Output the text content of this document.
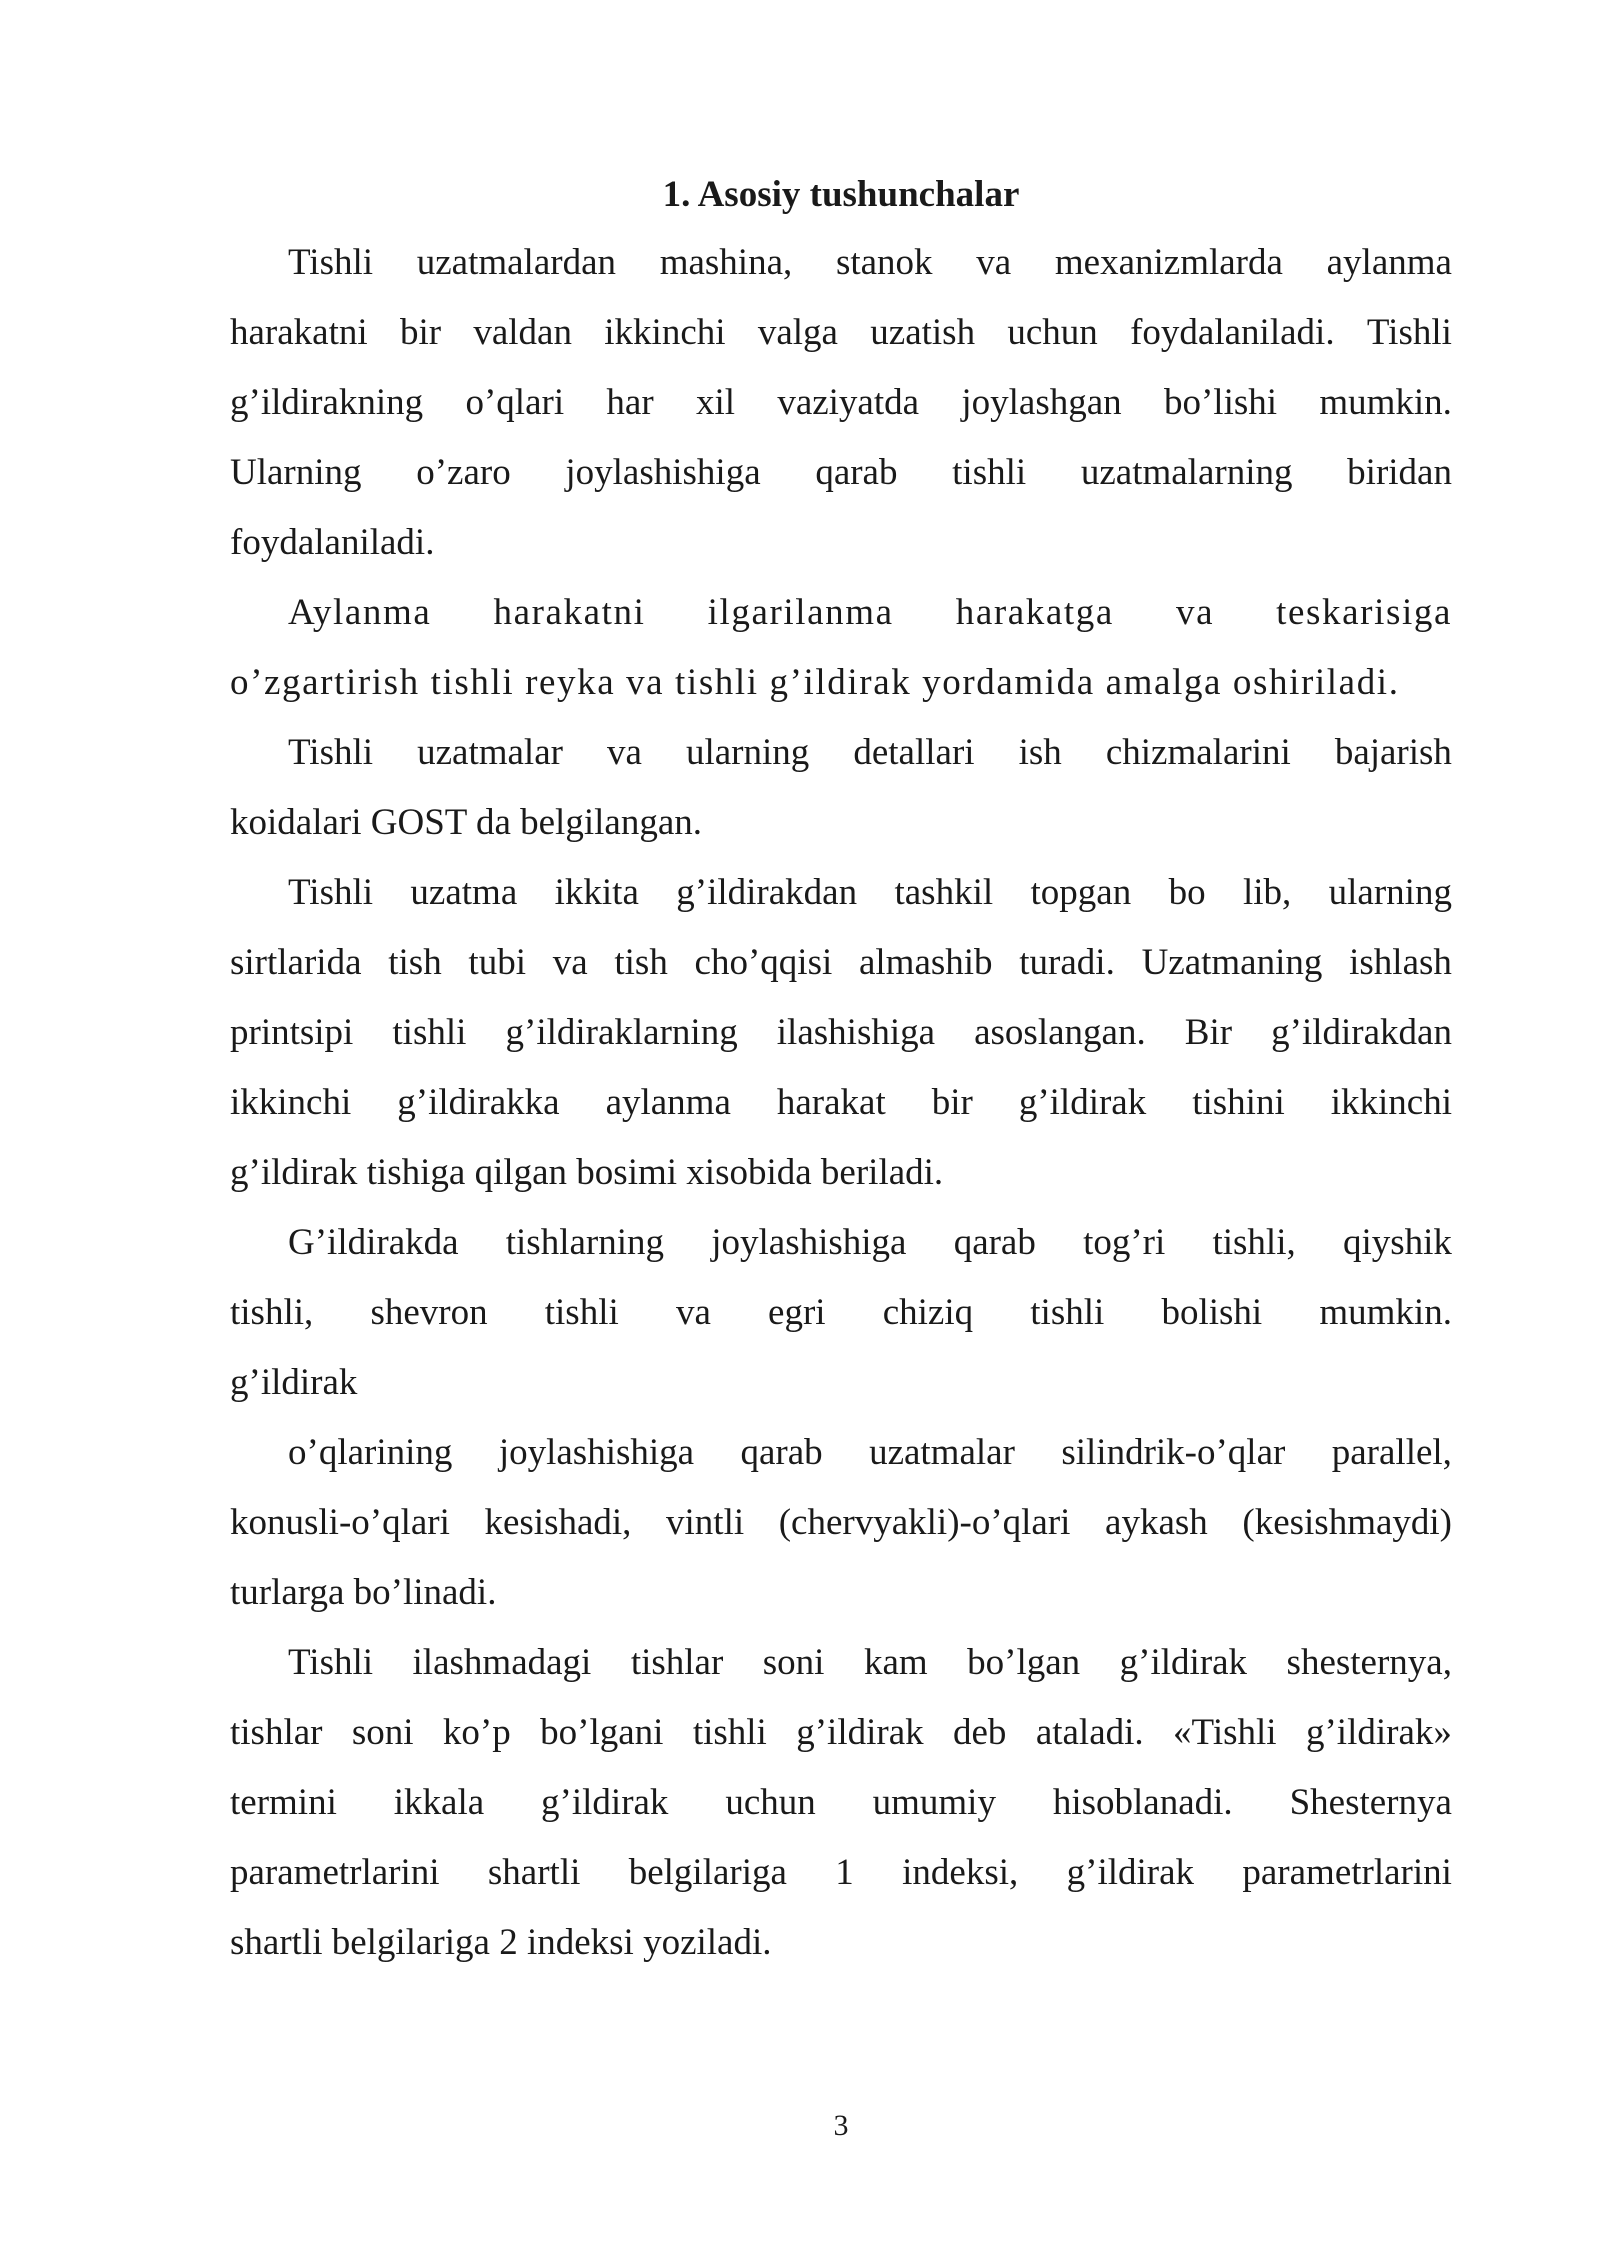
1. Asosiy tushunchalar
Tishli uzatmalardan mashina, stanok va mexanizmlarda aylanma
harakatni bir valdan ikkinchi valga uzatish uchun foydalaniladi. Tishli
g’ildirakning o’qlari har xil vaziyatda joylashgan bo’lishi mumkin.
Ularning o’zaro joylashishiga qarab tishli uzatmalarning biridan
foydalaniladi.
Aylanma harakatni ilgarilanma harakatga va teskarisiga
o’zgartirish tishli reyka va tishli g’ildirak yordamida amalga oshiriladi.
Tishli uzatmalar va ularning detallari ish chizmalarini bajarish
koidalari GOST da belgilangan.
Tishli uzatma ikkita g’ildirakdan tashkil topgan bo lib, ularning
sirtlarida tish tubi va tish cho’qqisi almashib turadi. Uzatmaning ishlash
printsipi tishli g’ildiraklarning ilashishiga asoslangan. Bir g’ildirakdan
ikkinchi g’ildirakka aylanma harakat bir g’ildirak tishini ikkinchi
g’ildirak tishiga qilgan bosimi xisobida beriladi.
G’ildirakda tishlarning joylashishiga qarab tog’ri tishli, qiyshik
tishli, shevron tishli va egri chiziq tishli bolishi mumkin.
g’ildirak
o’qlarining joylashishiga qarab uzatmalar silindrik-o’qlar parallel,
konusli-o’qlari kesishadi, vintli (chervyakli)-o’qlari aykash (kesishmaydi)
turlarga bo’linadi.
Tishli ilashmadagi tishlar soni kam bo’lgan g’ildirak shesternya,
tishlar soni ko’p bo’lgani tishli g’ildirak deb ataladi. «Tishli g’ildirak»
termini ikkala g’ildirak uchun umumiy hisoblanadi. Shesternya
parametrlarini shartli belgilariga 1 indeksi, g’ildirak parametrlarini
shartli belgilariga 2 indeksi yoziladi.
3
